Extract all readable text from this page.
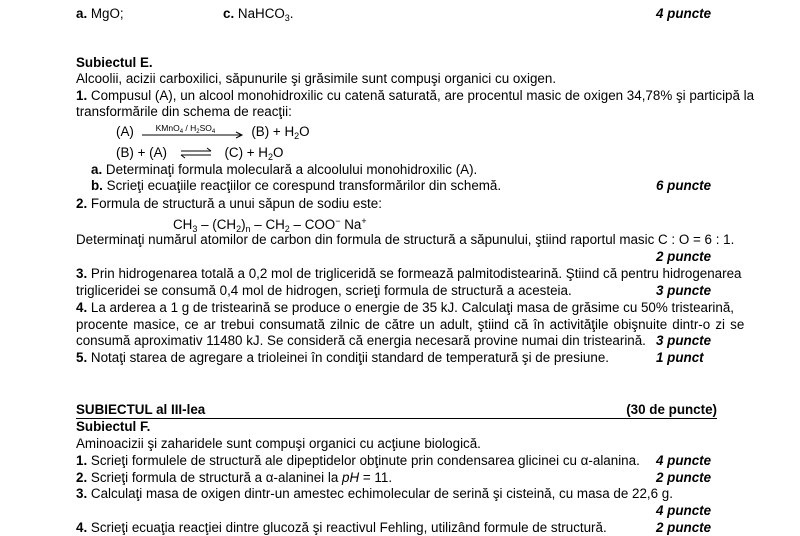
a. MgO;	c. NaHCO$_3$.	4 puncte
Subiectul E.
Alcoolii, acizii carboxilici, săpunurile şi grăsimile sunt compuşi organici cu oxigen.
1. Compusul (A), un alcool monohidroxilic cu catenă saturată, are procentul masic de oxigen 34,78% şi participă la
transformările din schema de reacţii:
(A)	KMnO$_4$ / $H_2SO_4$	$(B) + H_2O$
(B) + (A) ⇌ $(C) + H_2O$
a. Determinaţi formula moleculară a alcoolului monohidroxilic (A).
b. Scrieţi ecuaţiile reacţiilor ce corespund transformărilor din schemă.	6 puncte
2. Formula de structură a unui săpun de sodiu este:
$CH_3 - (CH_2)_n - CH_2 - COO^-$ Na+
Determinaţi numărul atomilor de carbon din formula de structură a săpunului, ştiind raportul masic C : O = 6 : 1.
2 puncte
3. Prin hidrogenarea totală a 0,2 mol de trigliceridă se formează palmitodistearină. Ştiind că pentru hidrogenarea
trigliceridei se consumă 0,4 mol de hidrogen, scrieţi formula de structură a acesteia.	3 puncte
4. La arderea a 1 g de tristearină se produce o energie de 35 kJ. Calculaţi masa de grăsime cu 50% tristearină,
procente masice, ce ar trebui consumată zilnic de către un adult, ştiind că în activităţile obişnuite dintr-o zi se
consumă aproximativ 11480 kJ. Se consideră că energia necesară provine numai din tristearină. 3 puncte
5. Notaţi starea de agregare a trioleinei în condiţii standard de temperatură şi de presiune.	1 punct
SUBIECTUL al III-lea	(30 de puncte)
Subiectul F.
Aminoacizii şi zaharidele sunt compuşi organici cu acţiune biologică.
1. Scrieţi formulele de structură ale dipeptidelor obţinute prin condensarea glicinei cu α-alanina. 4 puncte
2. Scrieţi formula de structură a α-alaninei la pH = 11.	2 puncte
3. Calculaţi masa de oxigen dintr-un amestec echimolecular de serină şi cisteină, cu masa de 22,6 g.
4 puncte
4. Scrieţi ecuaţia reacţiei dintre glucoză şi reactivul Fehling, utilizând formule de structură.	2 puncte
